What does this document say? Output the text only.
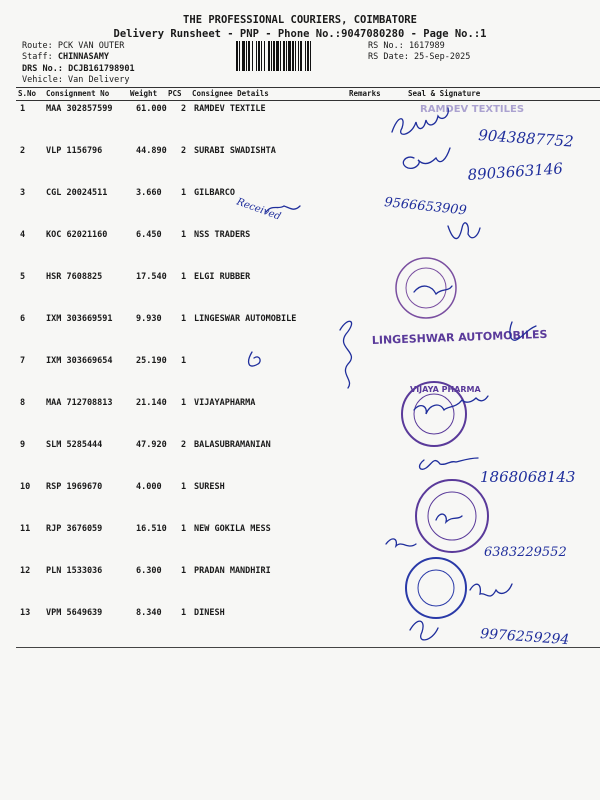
THE PROFESSIONAL COURIERS, COIMBATORE
Delivery Runsheet - PNP - Phone No.:9047080280 - Page No.:1
Route: PCK VAN OUTER
Staff: CHINNASAMY
DRS No.: DCJB161798901
Vehicle: Van Delivery
RS No.: 1617989
RS Date: 25-Sep-2025
S.No Consignment No	Weight PCS Consignee Details	Remarks	Seal & Signature
1 MAA 302857599	61.000 2 RAMDEV TEXTILE
2 VLP 1156796	44.890 2 SURABI SWADISHTA
3 CGL 20024511	3.660 1 GILBARCO
4 KOC 62021160	6.450 1 NSS TRADERS
5 HSR 7608825	17.540 1 ELGI RUBBER
6 IXM 303669591	9.930 1 LINGESWAR AUTOMOBILE
7 IXM 303669654	25.190 1
8 MAA 712708813	21.140 1 VIJAYAPHARMA
9 SLM 5285444	47.920 2 BALASUBRAMANIAN
10 RSP 1969670	4.000 1 SURESH
11 RJP 3676059	16.510 1 NEW GOKILA MESS
12 PLN 1533036	6.300 1 PRADAN MANDHIRI
13 VPM 5649639	8.340 1 DINESH
RAMDEV TEXTILES
9043887752
8903663146
Received	9566653909
LINGESHWAR AUTOMOBILES
VIJAYA PHARMA
1868068143
6383229552
9976259294
